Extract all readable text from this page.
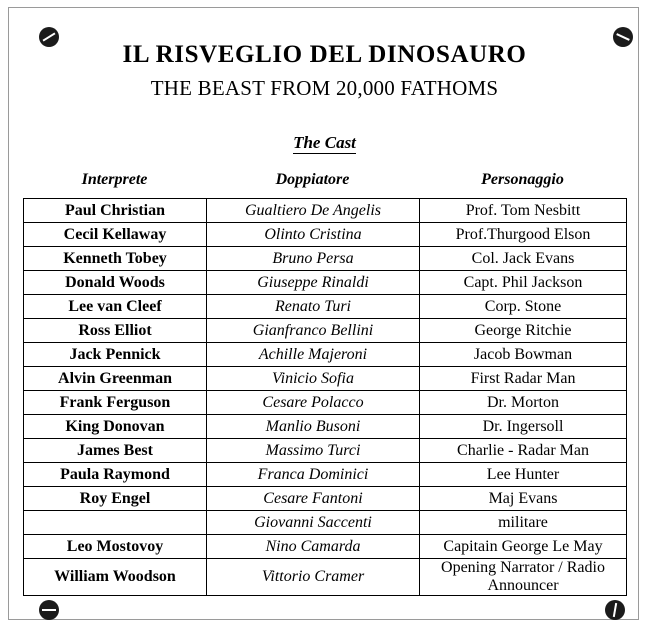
IL RISVEGLIO DEL DINOSAURO
THE BEAST FROM 20,000 FATHOMS
The Cast
Interprete	Doppiatore	Personaggio
Paul Christian	Gualtiero De Angelis	Prof. Tom Nesbitt
Cecil Kellaway	Olinto Cristina	Prof.Thurgood Elson
Kenneth Tobey	Bruno Persa	Col. Jack Evans
Donald Woods	Giuseppe Rinaldi	Capt. Phil Jackson
Lee van Cleef	Renato Turi	Corp. Stone
Ross Elliot	Gianfranco Bellini	George Ritchie
Jack Pennick	Achille Majeroni	Jacob Bowman
Alvin Greenman	Vinicio Sofia	First Radar Man
Frank Ferguson	Cesare Polacco	Dr. Morton
King Donovan	Manlio Busoni	Dr. Ingersoll
James Best	Massimo Turci	Charlie - Radar Man
Paula Raymond	Franca Dominici	Lee Hunter
Roy Engel	Cesare Fantoni	Maj Evans
	Giovanni Saccenti	militare
Leo Mostovoy	Nino Camarda	Capitain George Le May
William Woodson	Vittorio Cramer	Opening Narrator / Radio Announcer
